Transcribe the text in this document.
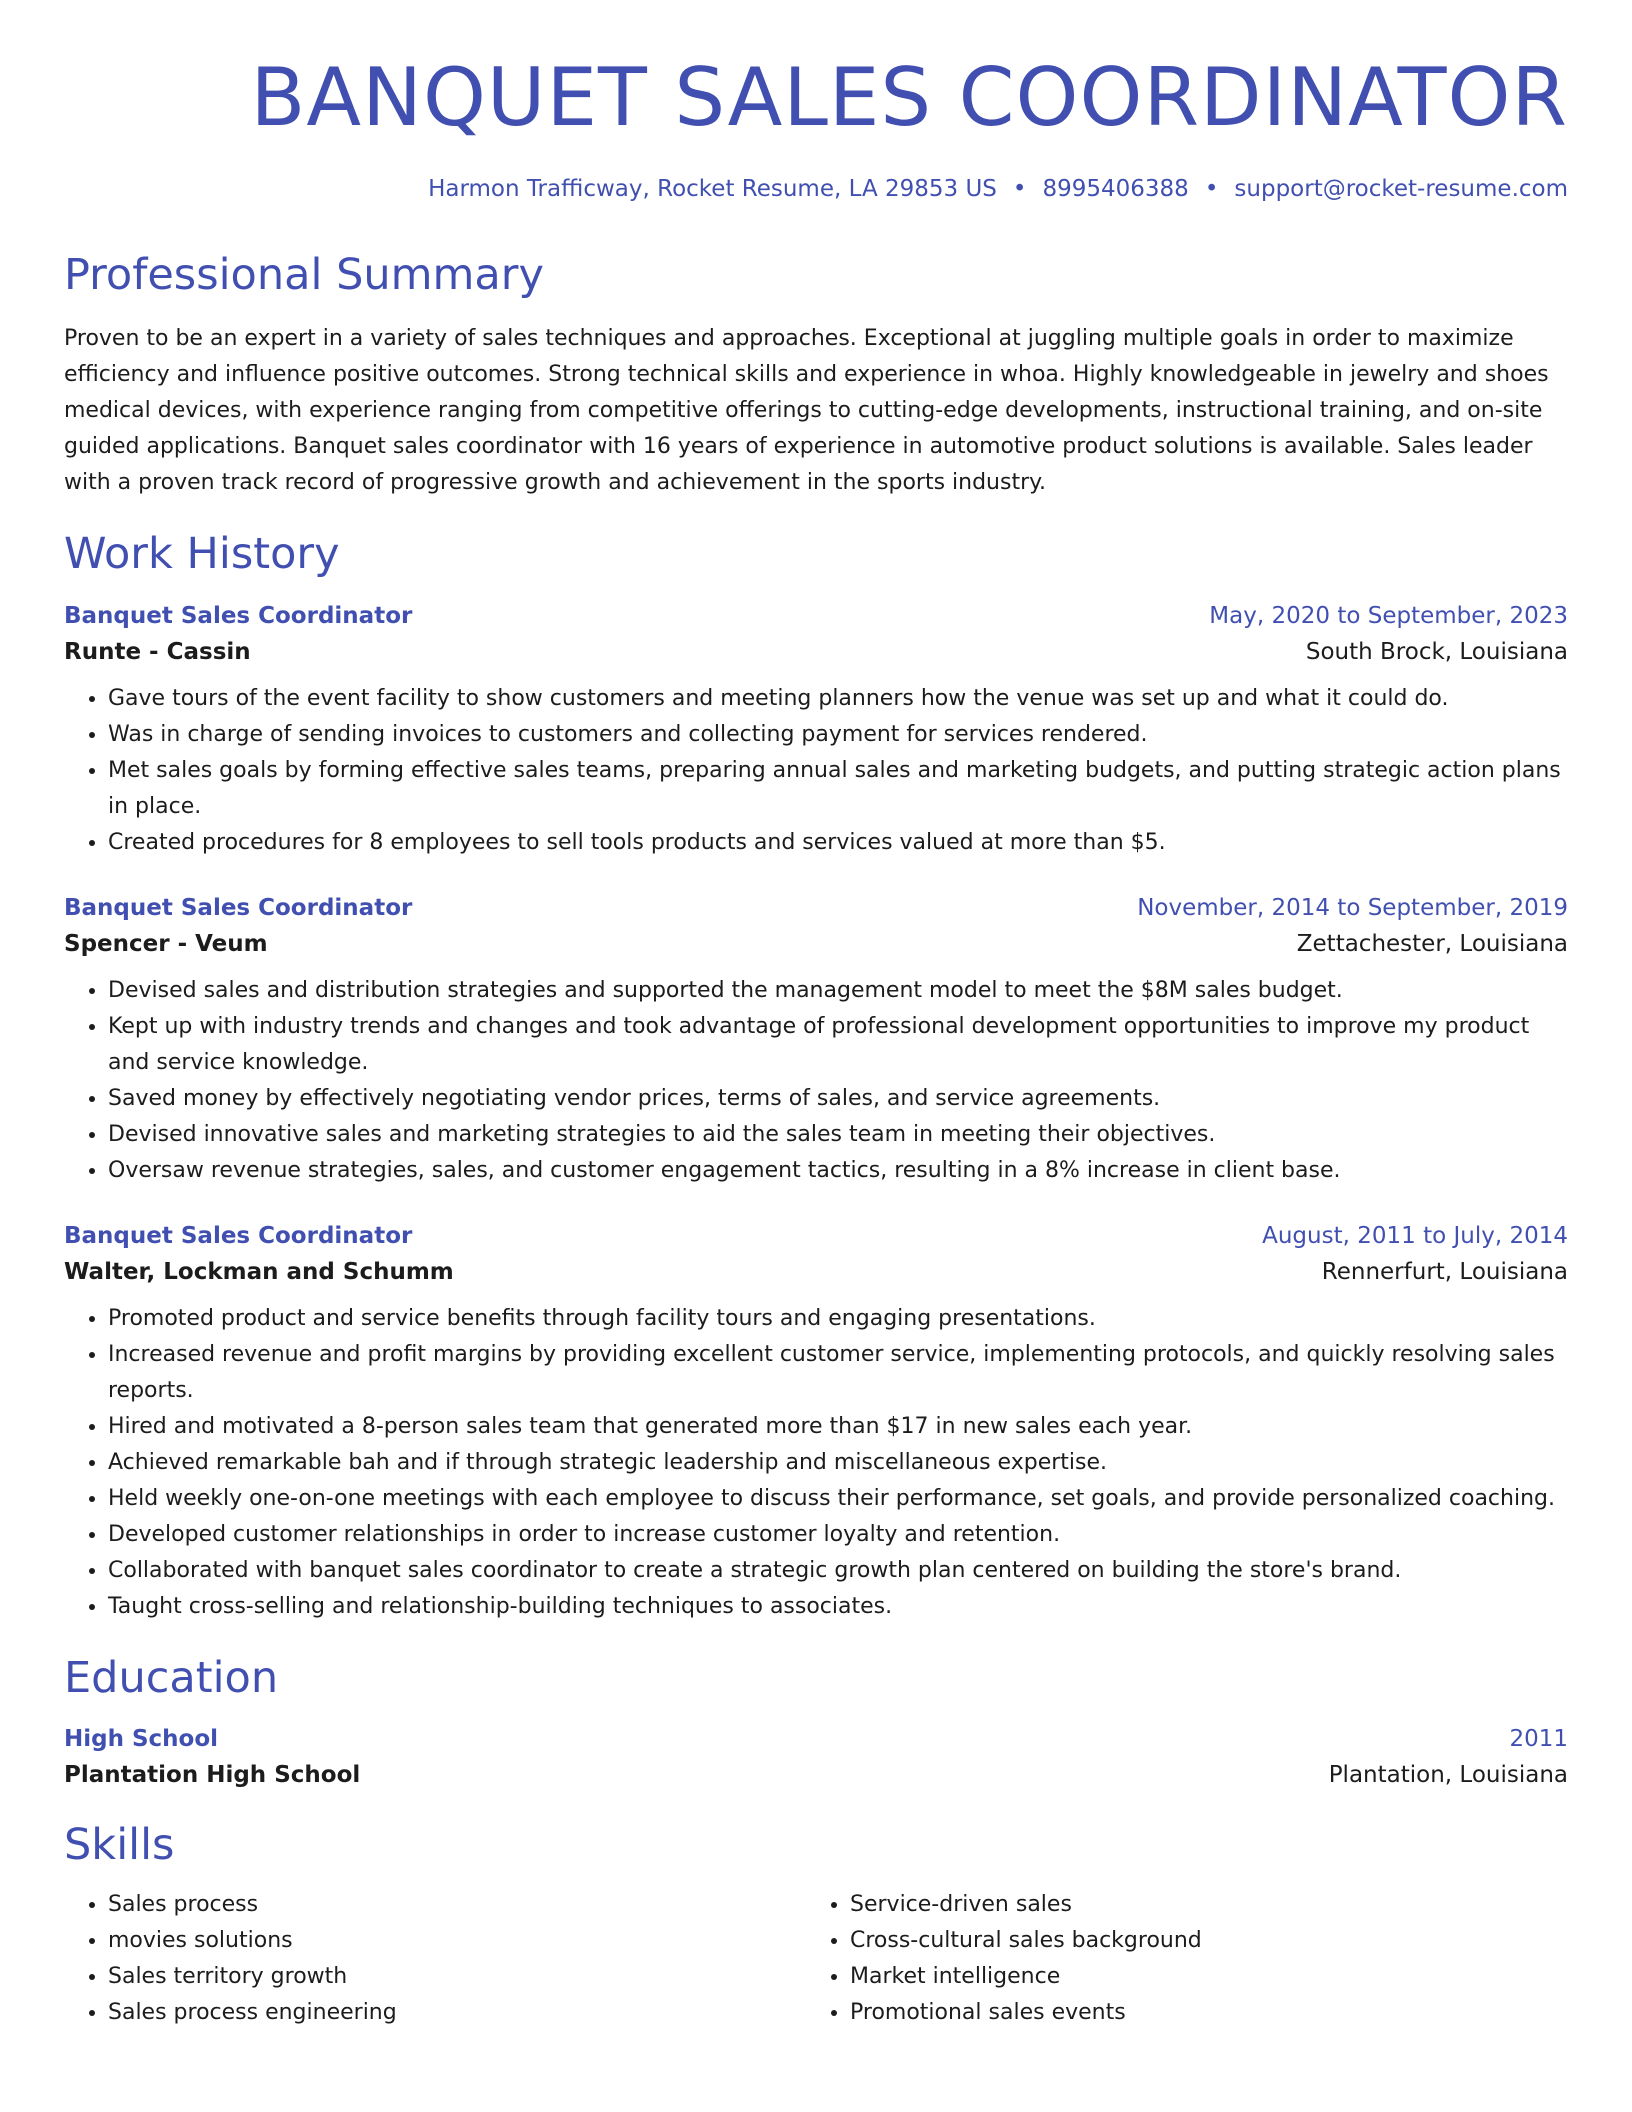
BANQUET SALES COORDINATOR
Harmon Trafficway, Rocket Resume, LA 29853 US • 8995406388 • support@rocket-resume.com
Professional Summary

Proven to be an expert in a variety of sales techniques and approaches. Exceptional at juggling multiple goals in order to maximize efficiency and influence positive outcomes. Strong technical skills and experience in whoa. Highly knowledgeable in jewelry and shoes medical devices, with experience ranging from competitive offerings to cutting-edge developments, instructional training, and on-site guided applications. Banquet sales coordinator with 16 years of experience in automotive product solutions is available. Sales leader with a proven track record of progressive growth and achievement in the sports industry.

Work History
Banquet Sales Coordinator	May, 2020 to September, 2023
Runte - Cassin	South Brock, Louisiana
• Gave tours of the event facility to show customers and meeting planners how the venue was set up and what it could do.
• Was in charge of sending invoices to customers and collecting payment for services rendered.
• Met sales goals by forming effective sales teams, preparing annual sales and marketing budgets, and putting strategic action plans in place.
• Created procedures for 8 employees to sell tools products and services valued at more than $5.
Banquet Sales Coordinator	November, 2014 to September, 2019
Spencer - Veum	Zettachester, Louisiana
• Devised sales and distribution strategies and supported the management model to meet the $8M sales budget.
• Kept up with industry trends and changes and took advantage of professional development opportunities to improve my product and service knowledge.
• Saved money by effectively negotiating vendor prices, terms of sales, and service agreements.
• Devised innovative sales and marketing strategies to aid the sales team in meeting their objectives.
• Oversaw revenue strategies, sales, and customer engagement tactics, resulting in a 8% increase in client base.
Banquet Sales Coordinator	August, 2011 to July, 2014
Walter, Lockman and Schumm	Rennerfurt, Louisiana
• Promoted product and service benefits through facility tours and engaging presentations.
• Increased revenue and profit margins by providing excellent customer service, implementing protocols, and quickly resolving sales reports.
• Hired and motivated a 8-person sales team that generated more than $17 in new sales each year.
• Achieved remarkable bah and if through strategic leadership and miscellaneous expertise.
• Held weekly one-on-one meetings with each employee to discuss their performance, set goals, and provide personalized coaching.
• Developed customer relationships in order to increase customer loyalty and retention.
• Collaborated with banquet sales coordinator to create a strategic growth plan centered on building the store's brand.
• Taught cross-selling and relationship-building techniques to associates.
Education
High School	2011
Plantation High School	Plantation, Louisiana
Skills
• Sales process
• movies solutions
• Sales territory growth
• Sales process engineering
• Service-driven sales
• Cross-cultural sales background
• Market intelligence
• Promotional sales events
